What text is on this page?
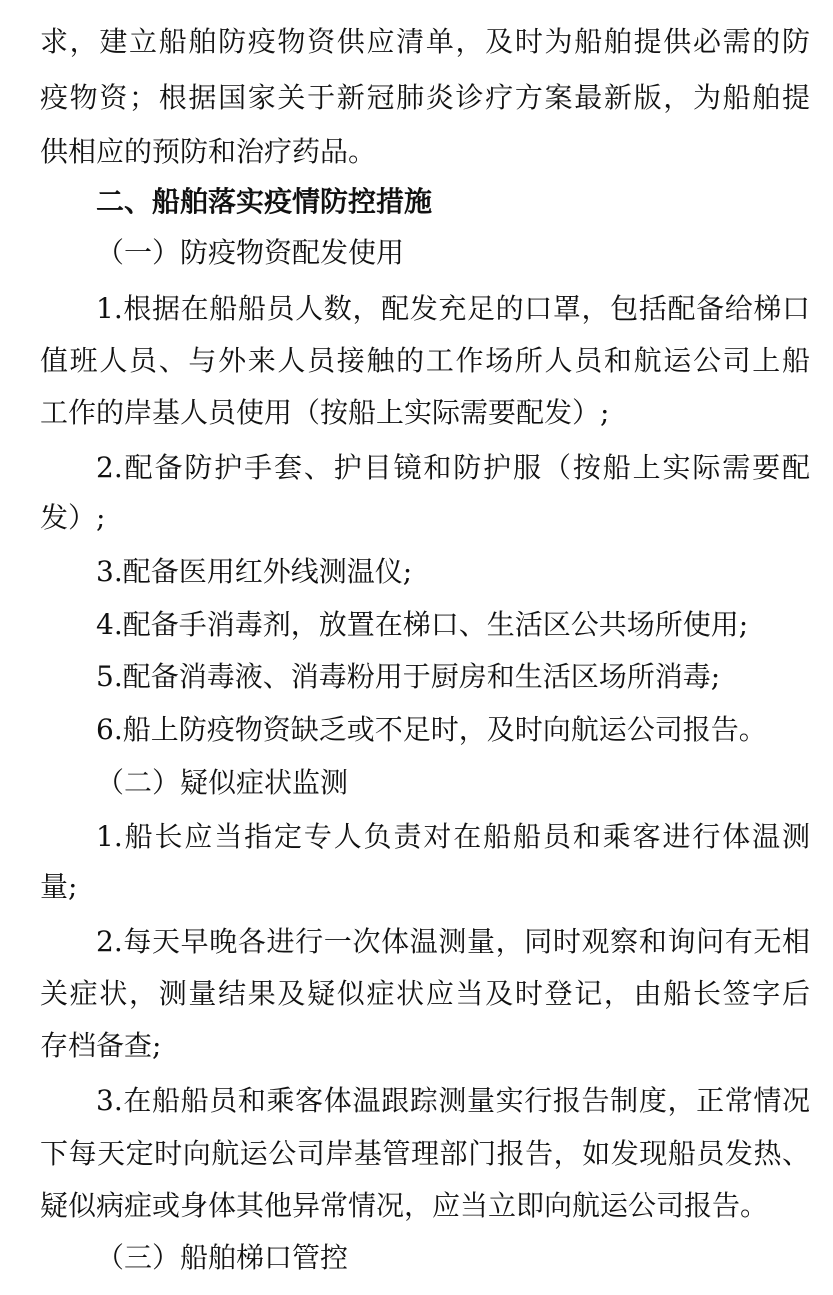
求，建立船舶防疫物资供应清单，及时为船舶提供必需的防
疫物资；根据国家关于新冠肺炎诊疗方案最新版，为船舶提
供相应的预防和治疗药品。
二、船舶落实疫情防控措施
（一）防疫物资配发使用
1.根据在船船员人数，配发充足的口罩，包括配备给梯口
值班人员、与外来人员接触的工作场所人员和航运公司上船
工作的岸基人员使用（按船上实际需要配发）;
2.配备防护手套、护目镜和防护服（按船上实际需要配
发）;
3.配备医用红外线测温仪;
4.配备手消毒剂，放置在梯口、生活区公共场所使用;
5.配备消毒液、消毒粉用于厨房和生活区场所消毒;
6.船上防疫物资缺乏或不足时，及时向航运公司报告。
（二）疑似症状监测
1.船长应当指定专人负责对在船船员和乘客进行体温测
量;
2.每天早晚各进行一次体温测量，同时观察和询问有无相
关症状，测量结果及疑似症状应当及时登记，由船长签字后
存档备查;
3.在船船员和乘客体温跟踪测量实行报告制度，正常情况
下每天定时向航运公司岸基管理部门报告，如发现船员发热、
疑似病症或身体其他异常情况，应当立即向航运公司报告。
（三）船舶梯口管控
